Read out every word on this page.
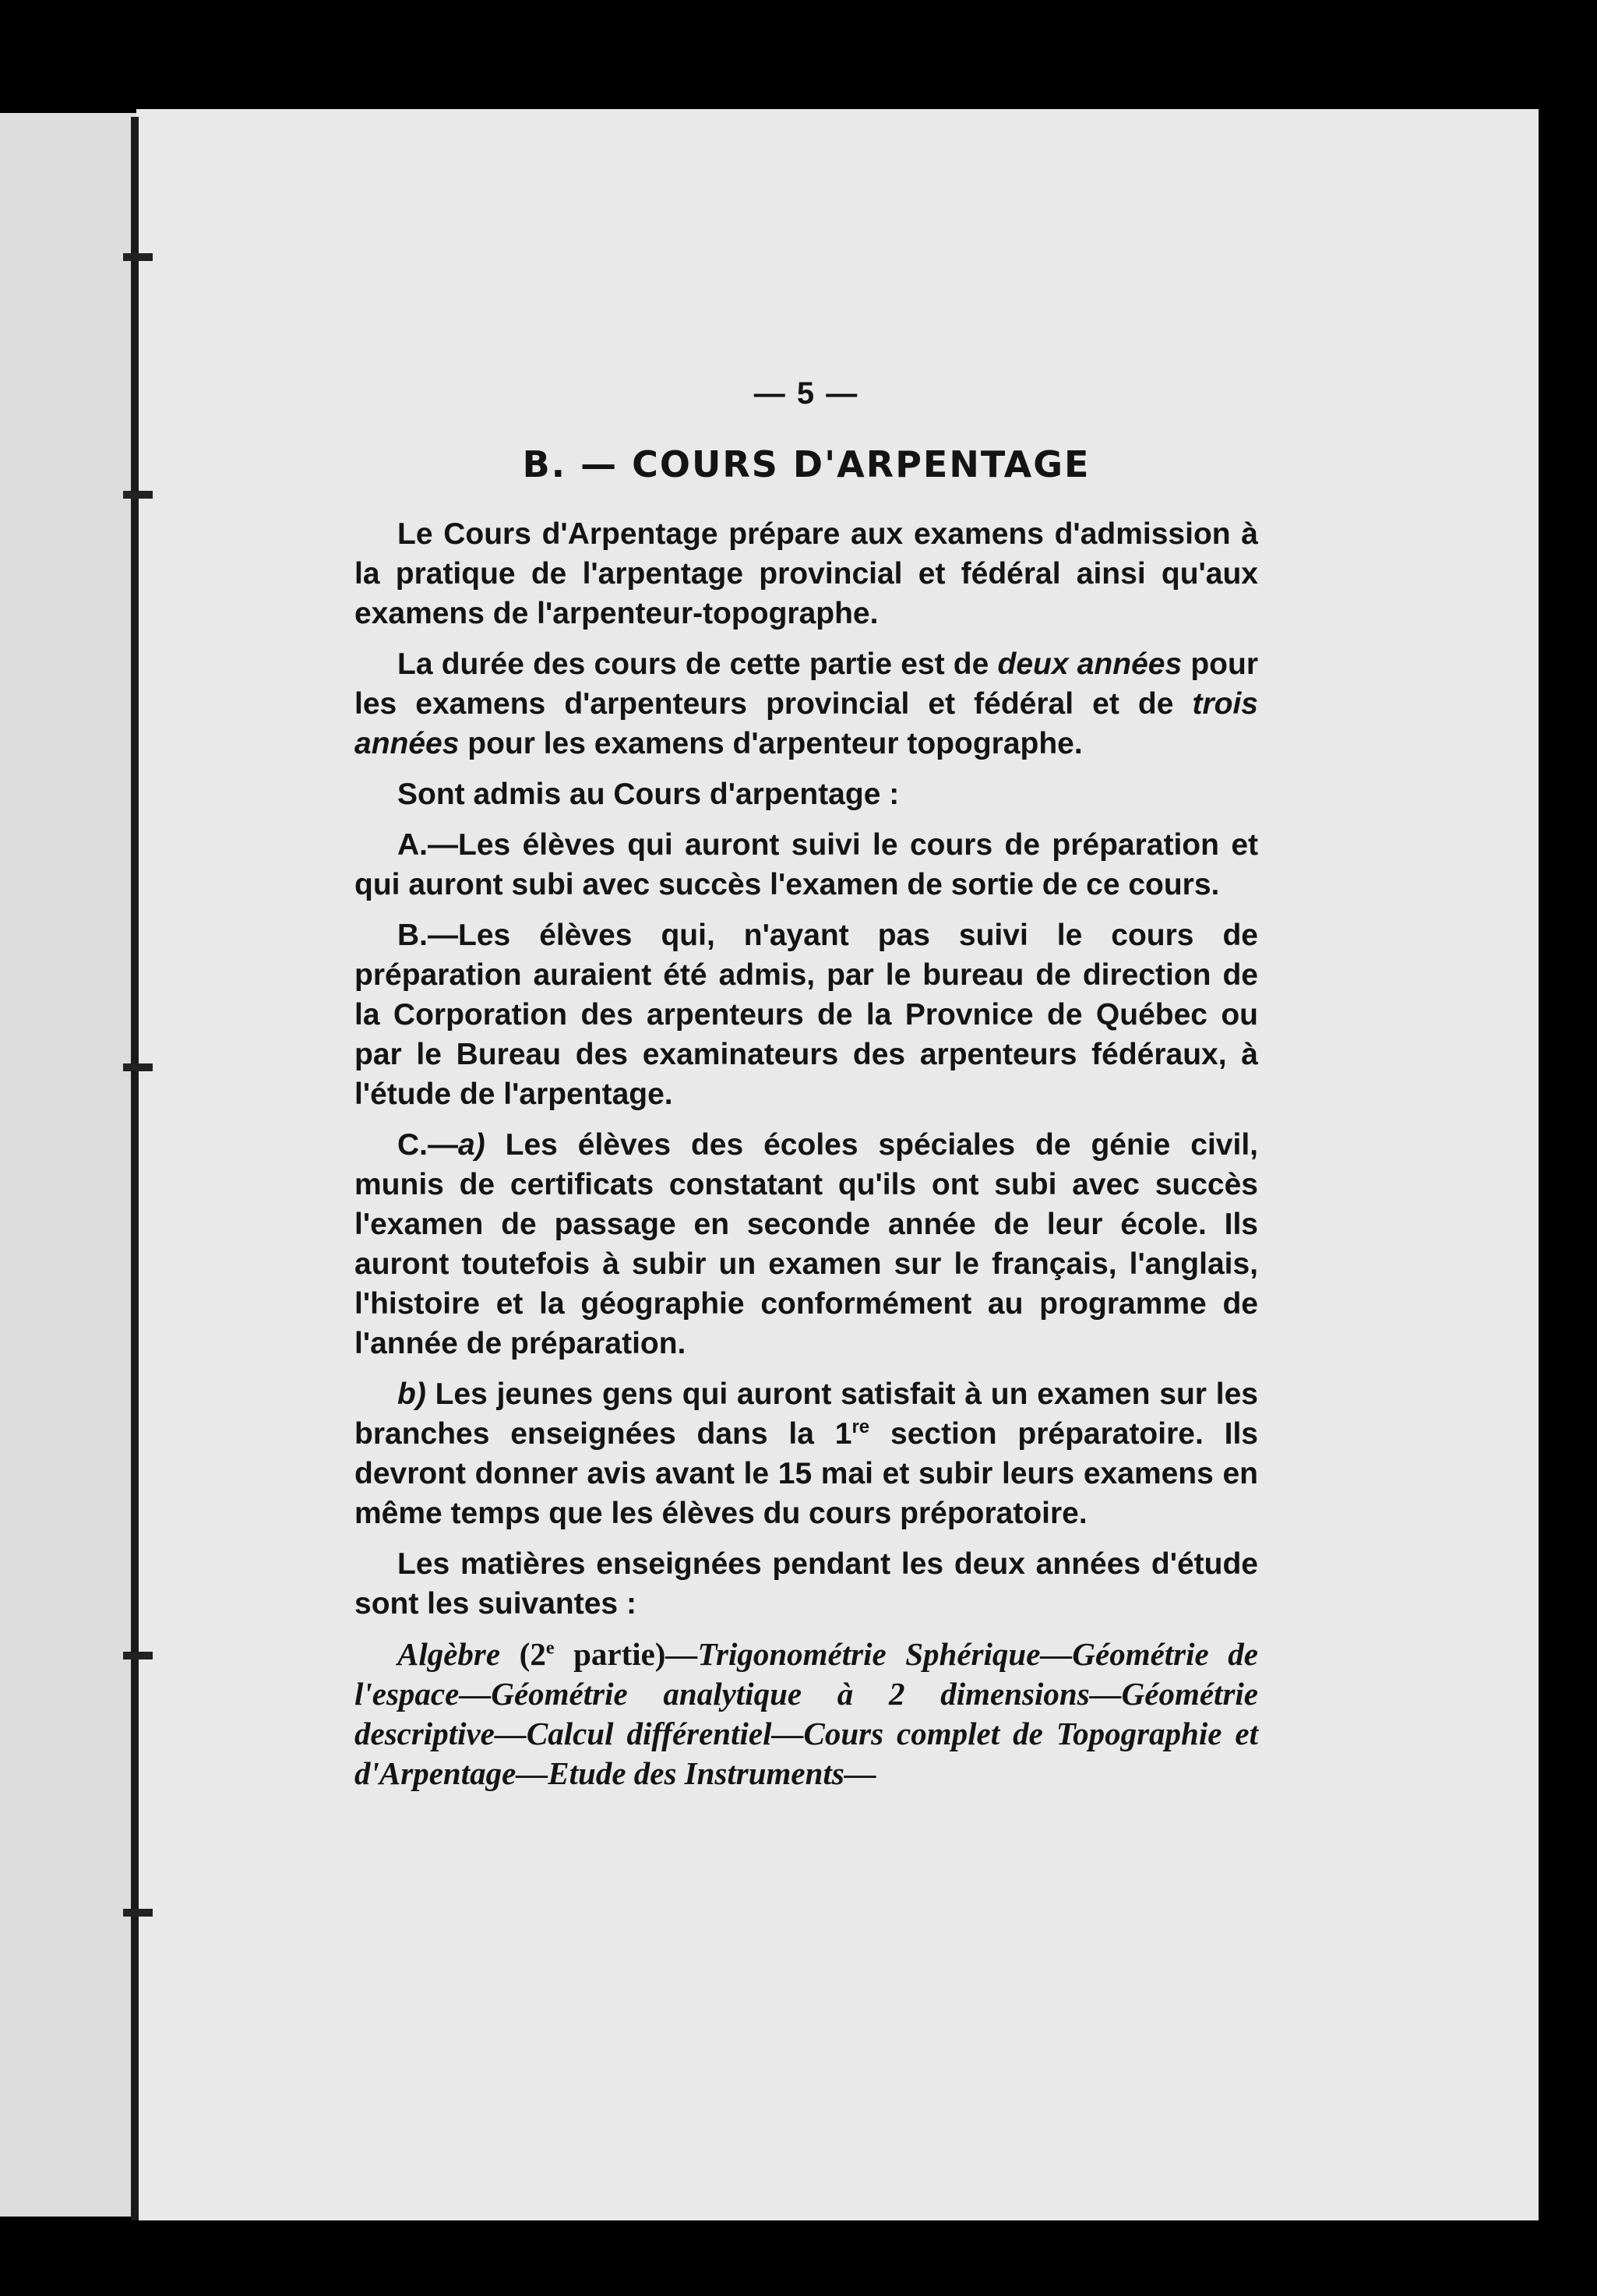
— 5 —
B. — COURS D'ARPENTAGE

Le Cours d'Arpentage prépare aux examens d'admission à la pratique de l'arpentage provincial et fédéral ainsi qu'aux examens de l'arpenteur-topographe.

La durée des cours de cette partie est de deux années pour les examens d'arpenteurs provincial et fédéral et de trois années pour les examens d'arpenteur topographe.

Sont admis au Cours d'arpentage :

A.—Les élèves qui auront suivi le cours de préparation et qui auront subi avec succès l'examen de sortie de ce cours.

B.—Les élèves qui, n'ayant pas suivi le cours de préparation auraient été admis, par le bureau de direction de la Corporation des arpenteurs de la Provnice de Québec ou par le Bureau des examinateurs des arpenteurs fédéraux, à l'étude de l'arpentage.

C.—a) Les élèves des écoles spéciales de génie civil, munis de certificats constatant qu'ils ont subi avec succès l'examen de passage en seconde année de leur école. Ils auront toutefois à subir un examen sur le français, l'anglais, l'histoire et la géographie conformément au programme de l'année de préparation.

b) Les jeunes gens qui auront satisfait à un examen sur les branches enseignées dans la 1re section préparatoire. Ils devront donner avis avant le 15 mai et subir leurs examens en même temps que les élèves du cours préporatoire.

Les matières enseignées pendant les deux années d'étude sont les suivantes :

Algèbre (2e partie)—Trigonométrie Sphérique—Géométrie de l'espace—Géométrie analytique à 2 dimensions—Géométrie descriptive—Calcul différentiel—Cours complet de Topographie et d'Arpentage—Etude des Instruments—
